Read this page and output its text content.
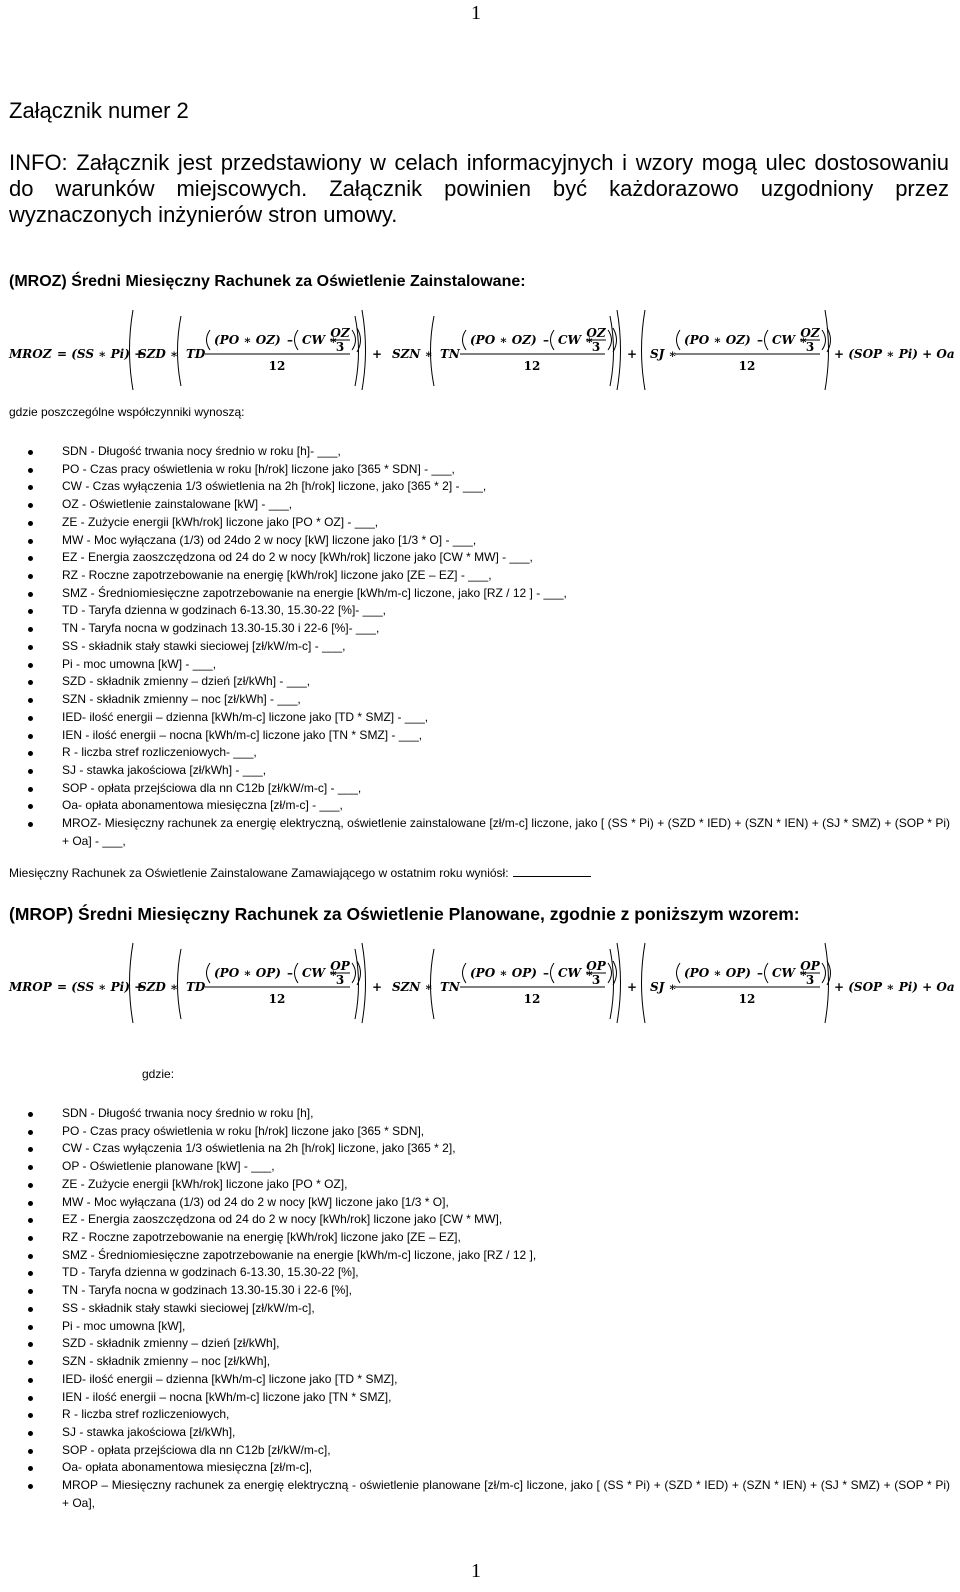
1
Załącznik numer 2
INFO: Załącznik jest przedstawiony w celach informacyjnych i wzory mogą ulec dostosowaniu do warunków miejscowych. Załącznik powinien być każdorazowo uzgodniony przez wyznaczonych inżynierów stron umowy.
(MROZ) Średni Miesięczny Rachunek za Oświetlenie Zainstalowane:
MROZ = (SS ∗ Pi) +
SZD ∗ TD
(PO ∗ OZ) – CW ∗
OZ
3
12
+ SZN ∗ TN
(PO ∗ OZ) – CW ∗
OZ
3
12
+ SJ ∗
(PO ∗ OZ) – CW ∗
OZ
3
12
+ (SOP ∗ Pi) + Oa
gdzie poszczególne współczynniki wynoszą:
SDN - Długość trwania nocy średnio w roku [h]- ___,
PO - Czas pracy oświetlenia w roku [h/rok] liczone jako [365 * SDN] - ___,
CW - Czas wyłączenia 1/3 oświetlenia na 2h [h/rok] liczone, jako [365 * 2] - ___,
OZ - Oświetlenie zainstalowane [kW] - ___,
ZE - Zużycie energii [kWh/rok] liczone jako [PO * OZ] - ___,
MW - Moc wyłączana (1/3) od 24do 2 w nocy [kW] liczone jako [1/3 * O] - ___,
EZ - Energia zaoszczędzona od 24 do 2 w nocy [kWh/rok] liczone jako [CW * MW] - ___,
RZ - Roczne zapotrzebowanie na energię [kWh/rok] liczone jako [ZE – EZ] - ___,
SMZ - Średniomiesięczne zapotrzebowanie na energie [kWh/m-c] liczone, jako [RZ / 12 ] - ___,
TD - Taryfa dzienna w godzinach 6-13.30, 15.30-22 [%]- ___,
TN - Taryfa nocna w godzinach 13.30-15.30 i 22-6 [%]- ___,
SS - składnik stały stawki sieciowej [zł/kW/m-c] - ___,
Pi - moc umowna [kW] - ___,
SZD - składnik zmienny – dzień [zł/kWh] - ___,
SZN - składnik zmienny – noc [zł/kWh] - ___,
IED- ilość energii – dzienna [kWh/m-c] liczone jako [TD * SMZ] - ___,
IEN - ilość energii – nocna [kWh/m-c] liczone jako [TN * SMZ] - ___,
R - liczba stref rozliczeniowych- ___,
SJ - stawka jakościowa [zł/kWh] - ___,
SOP - opłata przejściowa dla nn C12b [zł/kW/m-c] - ___,
Oa- opłata abonamentowa miesięczna [zł/m-c] - ___,
MROZ- Miesięczny rachunek za energię elektryczną, oświetlenie zainstalowane [zł/m-c] liczone, jako [ (SS * Pi) + (SZD * IED) + (SZN * IEN) + (SJ * SMZ) + (SOP * Pi) + Oa] - ___,
Miesięczny Rachunek za Oświetlenie Zainstalowane Zamawiającego w ostatnim roku wyniósł:
(MROP) Średni Miesięczny Rachunek za Oświetlenie Planowane, zgodnie z poniższym wzorem:
MROP = (SS ∗ Pi) +
SZD ∗ TD
(PO ∗ OP) – CW ∗
OP
3
12
+ SZN ∗ TN
(PO ∗ OP) – CW ∗
OP
3
12
+ SJ ∗
(PO ∗ OP) – CW ∗
OP
3
12
+ (SOP ∗ Pi) + Oa
gdzie:
SDN - Długość trwania nocy średnio w roku [h],
PO - Czas pracy oświetlenia w roku [h/rok] liczone jako [365 * SDN],
CW - Czas wyłączenia 1/3 oświetlenia na 2h [h/rok] liczone, jako [365 * 2],
OP - Oświetlenie planowane [kW] - ___,
ZE - Zużycie energii [kWh/rok] liczone jako [PO * OZ],
MW - Moc wyłączana (1/3) od 24 do 2 w nocy [kW] liczone jako [1/3 * O],
EZ - Energia zaoszczędzona od 24 do 2 w nocy [kWh/rok] liczone jako [CW * MW],
RZ - Roczne zapotrzebowanie na energię [kWh/rok] liczone jako [ZE – EZ],
SMZ - Średniomiesięczne zapotrzebowanie na energie [kWh/m-c] liczone, jako [RZ / 12 ],
TD - Taryfa dzienna w godzinach 6-13.30, 15.30-22 [%],
TN - Taryfa nocna w godzinach 13.30-15.30 i 22-6 [%],
SS - składnik stały stawki sieciowej [zł/kW/m-c],
Pi - moc umowna [kW],
SZD - składnik zmienny – dzień [zł/kWh],
SZN - składnik zmienny – noc [zł/kWh],
IED- ilość energii – dzienna [kWh/m-c] liczone jako [TD * SMZ],
IEN - ilość energii – nocna [kWh/m-c] liczone jako [TN * SMZ],
R - liczba stref rozliczeniowych,
SJ - stawka jakościowa [zł/kWh],
SOP - opłata przejściowa dla nn C12b [zł/kW/m-c],
Oa- opłata abonamentowa miesięczna [zł/m-c],
MROP – Miesięczny rachunek za energię elektryczną - oświetlenie planowane [zł/m-c] liczone, jako [ (SS * Pi) + (SZD * IED) + (SZN * IEN) + (SJ * SMZ) + (SOP * Pi) + Oa],
1
